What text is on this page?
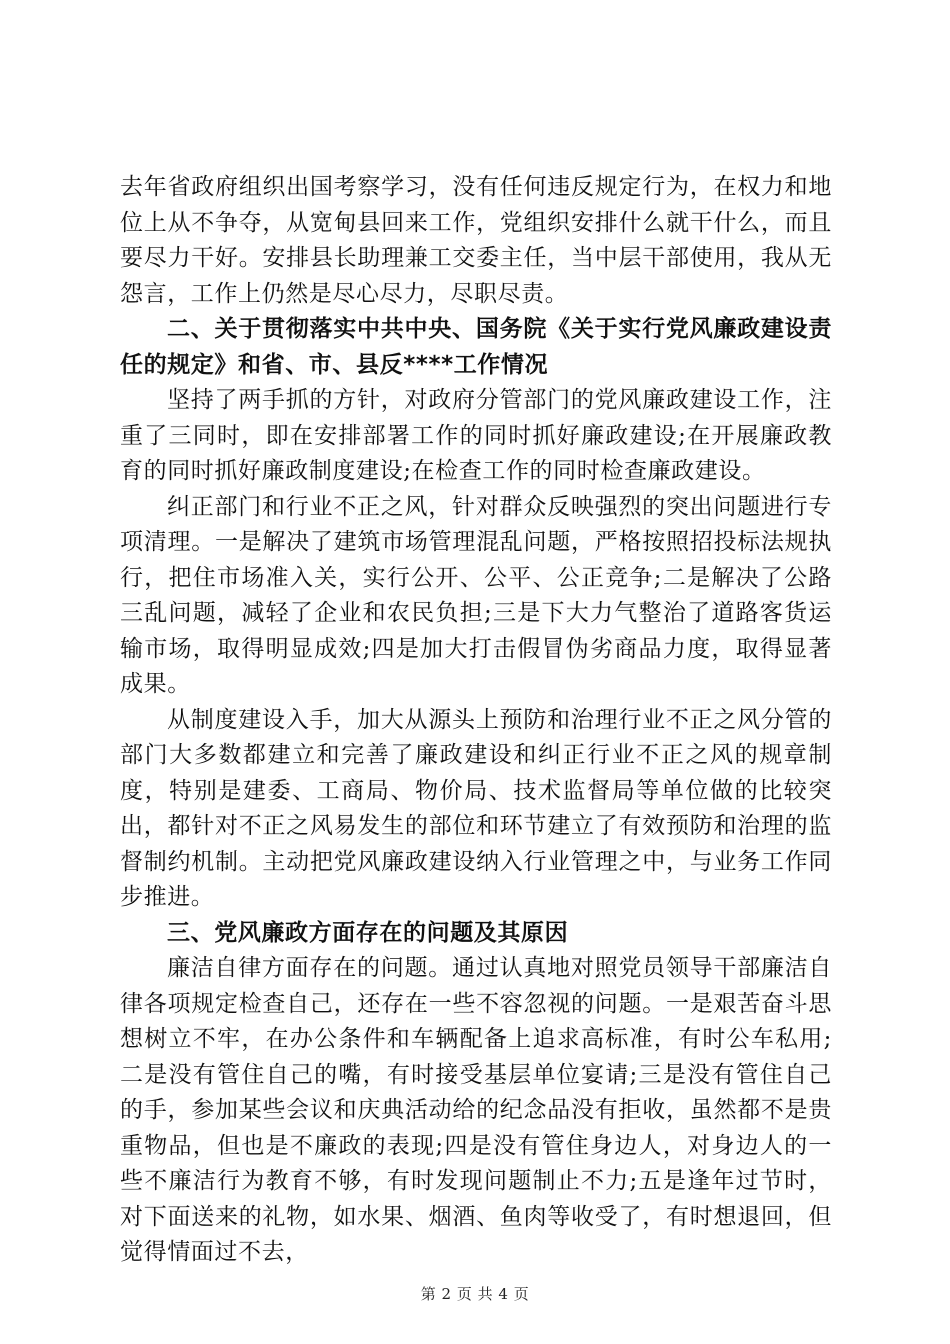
去年省政府组织出国考察学习，没有任何违反规定行为，在权力和地位上从不争夺，从宽甸县回来工作，党组织安排什么就干什么，而且要尽力干好。安排县长助理兼工交委主任，当中层干部使用，我从无怨言，工作上仍然是尽心尽力，尽职尽责。

二、关于贯彻落实中共中央、国务院《关于实行党风廉政建设责任的规定》和省、市、县反****工作情况

坚持了两手抓的方针，对政府分管部门的党风廉政建设工作，注重了三同时，即在安排部署工作的同时抓好廉政建设;在开展廉政教育的同时抓好廉政制度建设;在检查工作的同时检查廉政建设。

纠正部门和行业不正之风，针对群众反映强烈的突出问题进行专项清理。一是解决了建筑市场管理混乱问题，严格按照招投标法规执行，把住市场准入关，实行公开、公平、公正竞争;二是解决了公路三乱问题，减轻了企业和农民负担;三是下大力气整治了道路客货运输市场，取得明显成效;四是加大打击假冒伪劣商品力度，取得显著成果。

从制度建设入手，加大从源头上预防和治理行业不正之风分管的部门大多数都建立和完善了廉政建设和纠正行业不正之风的规章制度，特别是建委、工商局、物价局、技术监督局等单位做的比较突出，都针对不正之风易发生的部位和环节建立了有效预防和治理的监督制约机制。主动把党风廉政建设纳入行业管理之中，与业务工作同步推进。

三、党风廉政方面存在的问题及其原因

廉洁自律方面存在的问题。通过认真地对照党员领导干部廉洁自律各项规定检查自己，还存在一些不容忽视的问题。一是艰苦奋斗思想树立不牢，在办公条件和车辆配备上追求高标准，有时公车私用;二是没有管住自己的嘴，有时接受基层单位宴请;三是没有管住自己的手，参加某些会议和庆典活动给的纪念品没有拒收，虽然都不是贵重物品，但也是不廉政的表现;四是没有管住身边人，对身边人的一些不廉洁行为教育不够，有时发现问题制止不力;五是逢年过节时，对下面送来的礼物，如水果、烟酒、鱼肉等收受了，有时想退回，但觉得情面过不去，

第 2 页 共 4 页
